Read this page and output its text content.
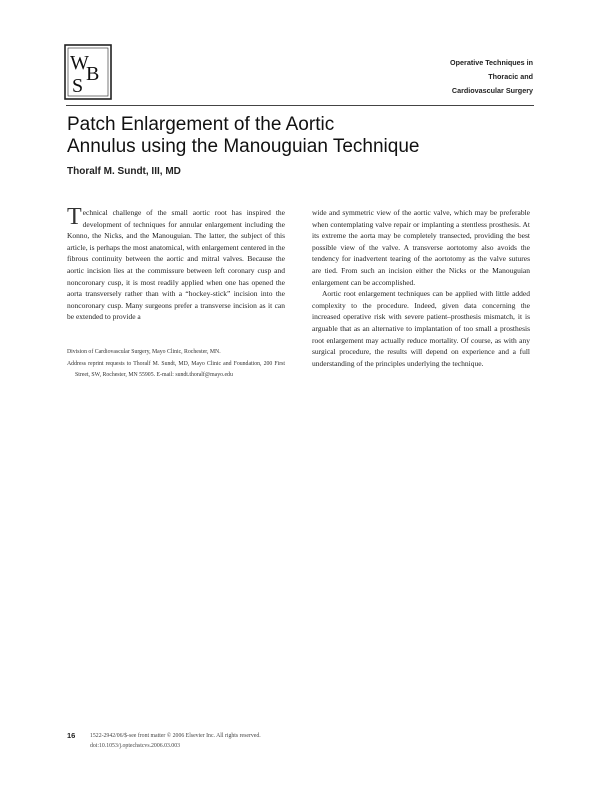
W
B
S
Operative Techniques in
Thoracic and
Cardiovascular Surgery
Patch Enlargement of the Aortic
Annulus using the Manouguian Technique
Thoralf M. Sundt, III, MD

Technical challenge of the small aortic root has inspired the development of techniques for annular enlargement including the Konno, the Nicks, and the Manouguian. The latter, the subject of this article, is perhaps the most anatomical, with enlargement centered in the fibrous continuity between the aortic and mitral valves. Because the aortic incision lies at the commissure between left coronary cusp and noncoronary cusp, it is most readily applied when one has opened the aorta transversely rather than with a “hockey-stick” incision into the noncoronary cusp. Many surgeons prefer a transverse incision as it can be extended to provide a

Division of Cardiovascular Surgery, Mayo Clinic, Rochester, MN.

Address reprint requests to Thoralf M. Sundt, MD, Mayo Clinic and Foundation, 200 First Street, SW, Rochester, MN 55905. E-mail: sundt.thoralf@mayo.edu

wide and symmetric view of the aortic valve, which may be preferable when contemplating valve repair or implanting a stentless prosthesis. At its extreme the aorta may be completely transected, providing the best possible view of the valve. A transverse aortotomy also avoids the tendency for inadvertent tearing of the aortotomy as the valve sutures are tied. From such an incision either the Nicks or the Manouguian enlargement can be accomplished.

Aortic root enlargement techniques can be applied with little added complexity to the procedure. Indeed, given data concerning the increased operative risk with severe patient–prosthesis mismatch, it is arguable that as an alternative to implantation of too small a prosthesis root enlargement may actually reduce mortality. Of course, as with any surgical procedure, the results will depend on experience and a full understanding of the principles underlying the technique.

16	1522-2942/06/$-see front matter © 2006 Elsevier Inc. All rights reserved.
doi:10.1053/j.optechstcvs.2006.03.003
